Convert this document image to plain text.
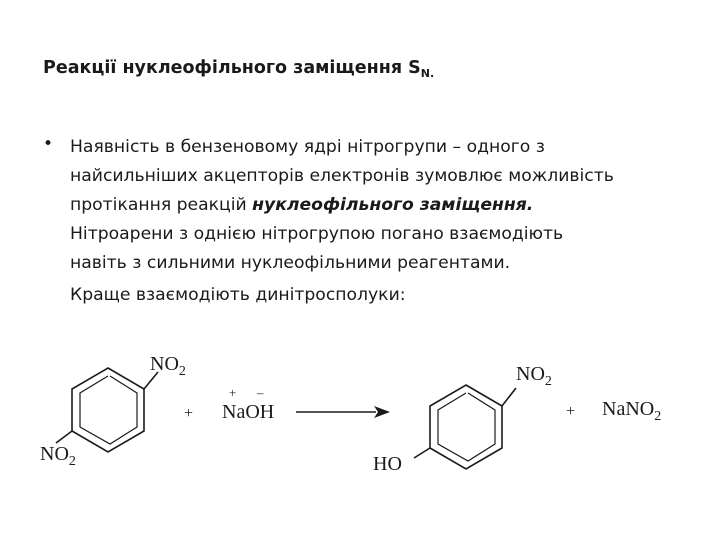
Реакції нуклеофільного заміщення $S_{N.}$
• Наявність в бензеновому ядрі нітрогрупи – одного з
найсильніших акцепторів електронів зумовлює можливість
протікання реакцій нуклеофільного заміщення.
Нітроарени з однією нітрогрупою погано взаємодіють
навіть з сильними нуклеофільними реагентами.
Краще взаємодіють динітросполуки:
$NO_2$
$NO_2$
+
+ –
NaOH
$NO_2$
HO
+ NaNO$_2$
